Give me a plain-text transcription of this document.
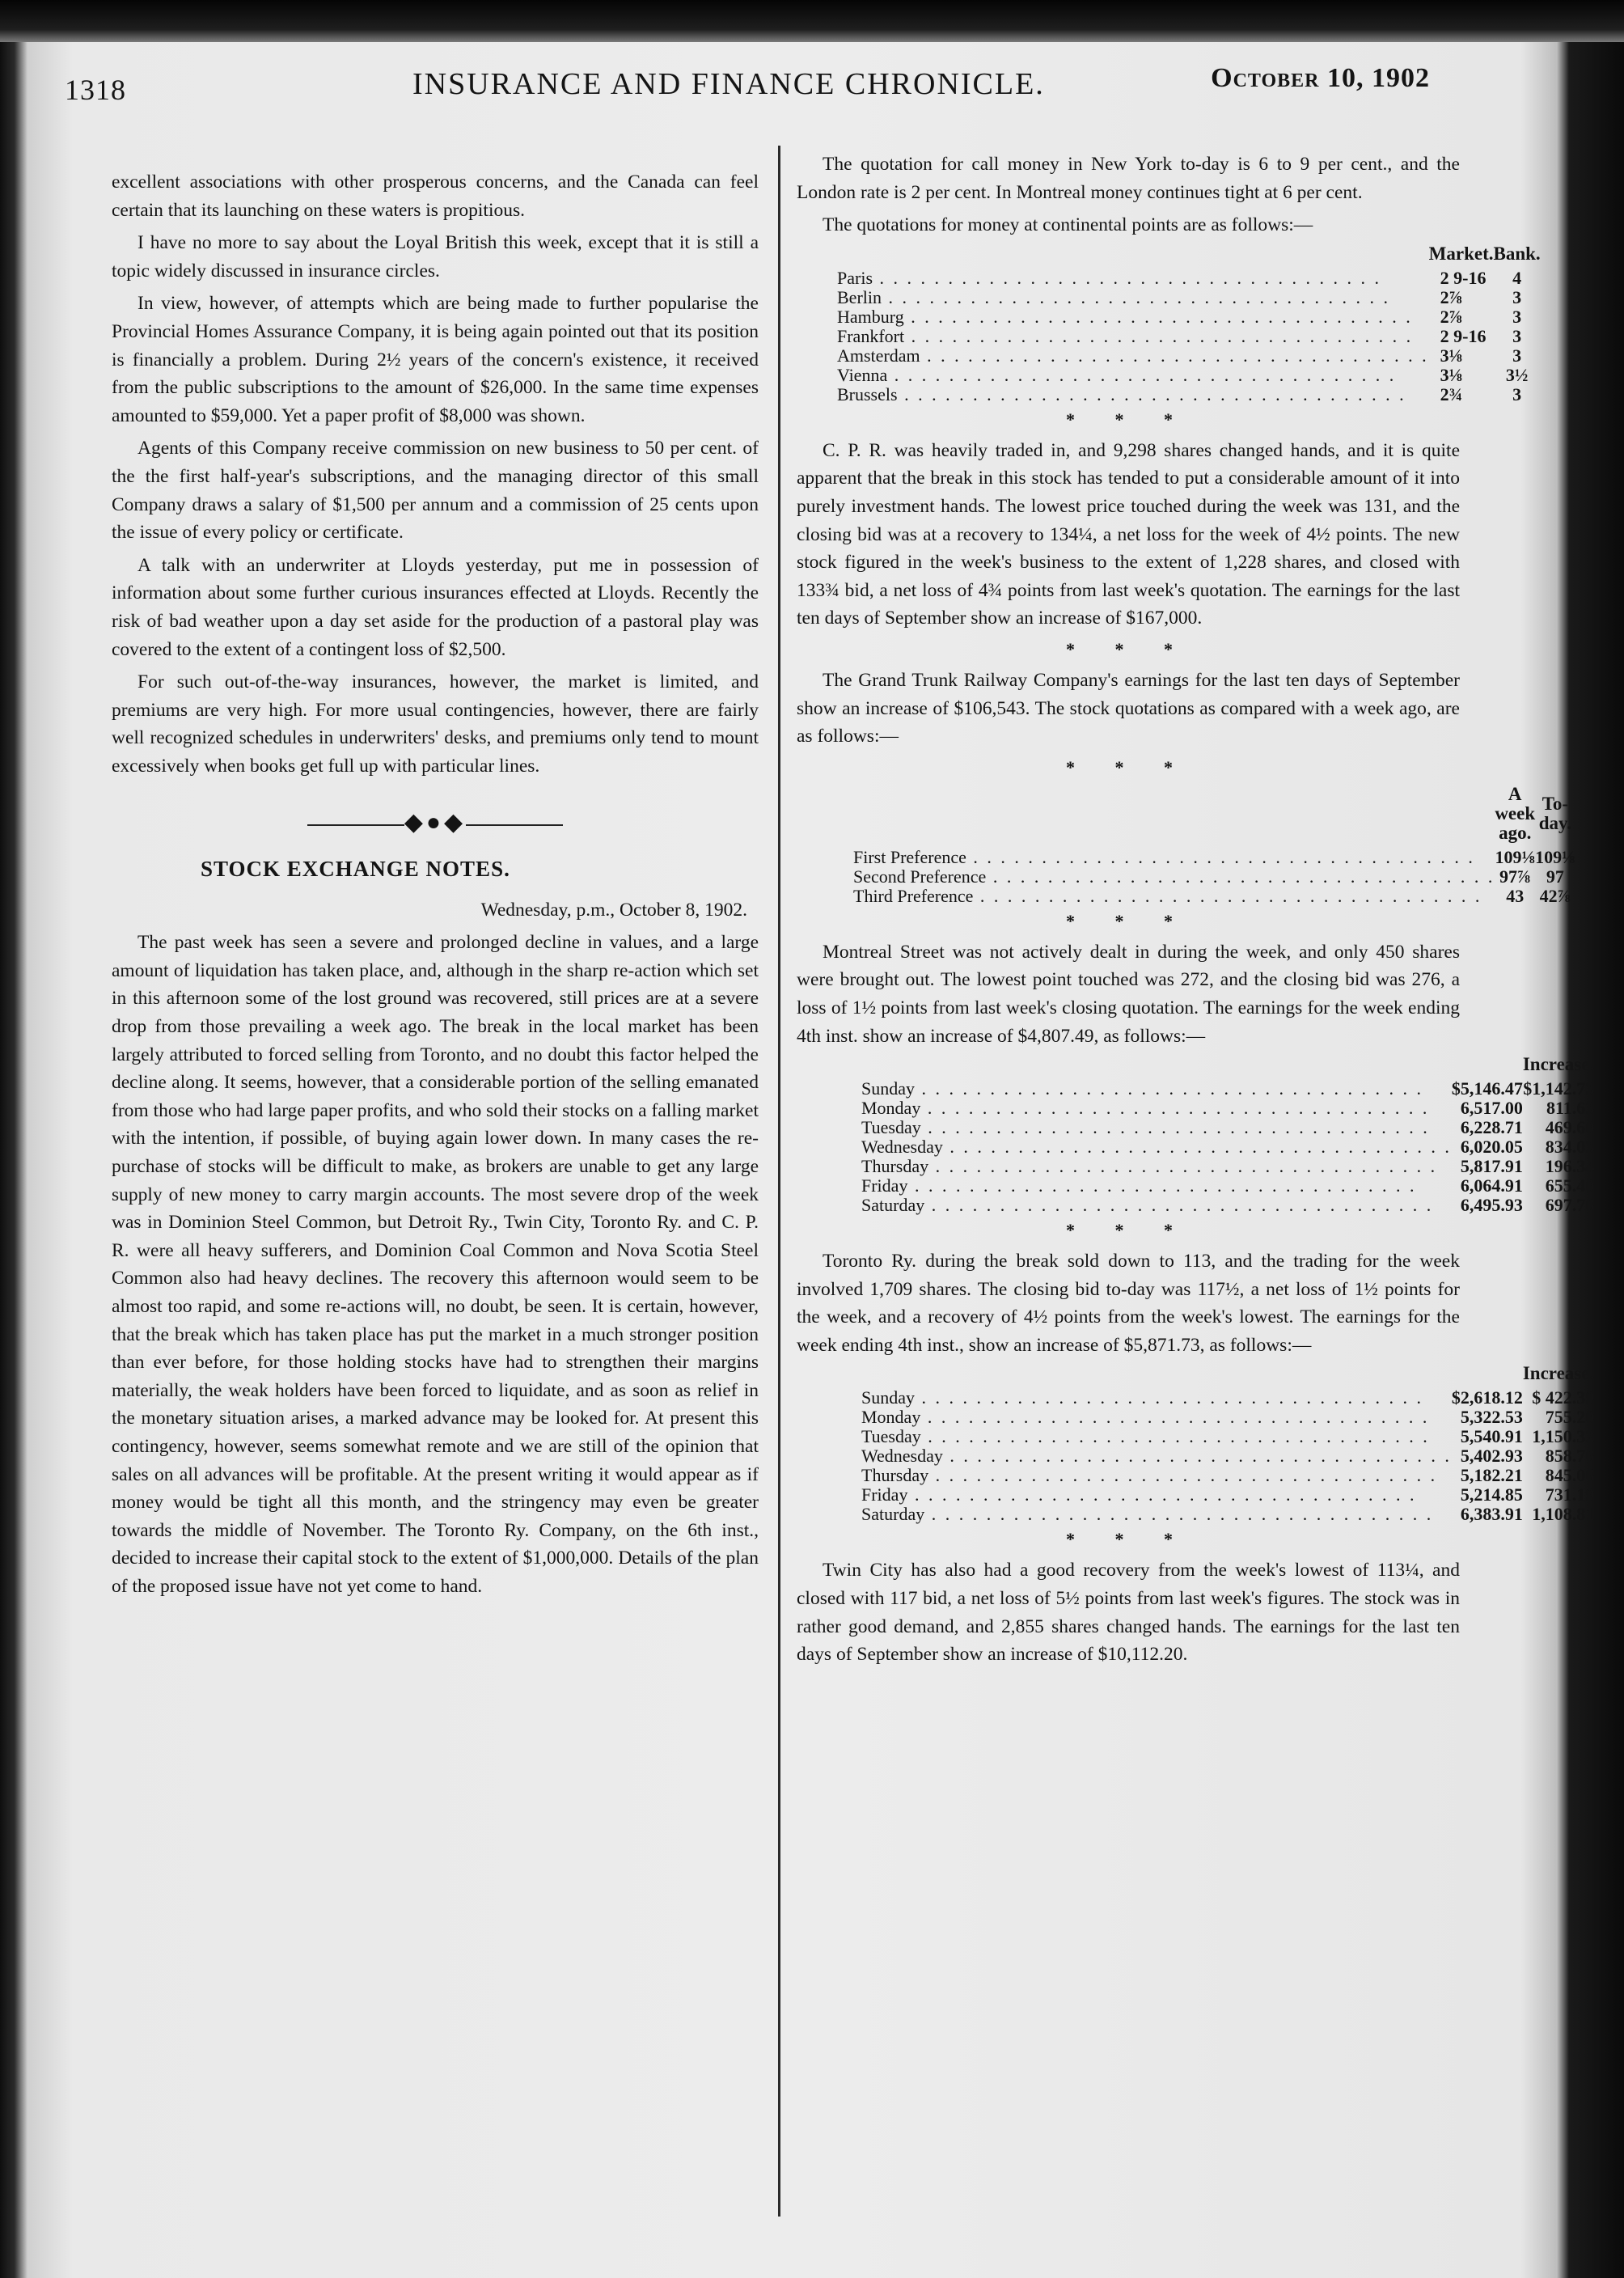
1318	INSURANCE AND FINANCE CHRONICLE.	October 10, 1902

excellent associations with other prosperous concerns, and the Canada can feel certain that its launching on these waters is propitious.

I have no more to say about the Loyal British this week, except that it is still a topic widely discussed in insurance circles.

In view, however, of attempts which are being made to further popularise the Provincial Homes Assurance Company, it is being again pointed out that its position is financially a problem. During 2½ years of the concern's existence, it received from the public subscriptions to the amount of $26,000. In the same time expenses amounted to $59,000. Yet a paper profit of $8,000 was shown.

Agents of this Company receive commission on new business to 50 per cent. of the the first half-year's subscriptions, and the managing director of this small Company draws a salary of $1,500 per annum and a commission of 25 cents upon the issue of every policy or certificate.

A talk with an underwriter at Lloyds yesterday, put me in possession of information about some further curious insurances effected at Lloyds. Recently the risk of bad weather upon a day set aside for the production of a pastoral play was covered to the extent of a contingent loss of $2,500.

For such out-of-the-way insurances, however, the market is limited, and premiums are very high. For more usual contingencies, however, there are fairly well recognized schedules in underwriters' desks, and premiums only tend to mount excessively when books get full up with particular lines.

◆●◆
STOCK EXCHANGE NOTES.
Wednesday, p.m., October 8, 1902.

The past week has seen a severe and prolonged decline in values, and a large amount of liquidation has taken place, and, although in the sharp re-action which set in this afternoon some of the lost ground was recovered, still prices are at a severe drop from those prevailing a week ago. The break in the local market has been largely attributed to forced selling from Toronto, and no doubt this factor helped the decline along. It seems, however, that a considerable portion of the selling emanated from those who had large paper profits, and who sold their stocks on a falling market with the intention, if possible, of buying again lower down. In many cases the re-purchase of stocks will be difficult to make, as brokers are unable to get any large supply of new money to carry margin accounts. The most severe drop of the week was in Dominion Steel Common, but Detroit Ry., Twin City, Toronto Ry. and C. P. R. were all heavy sufferers, and Dominion Coal Common and Nova Scotia Steel Common also had heavy declines. The recovery this afternoon would seem to be almost too rapid, and some re-actions will, no doubt, be seen. It is certain, however, that the break which has taken place has put the market in a much stronger position than ever before, for those holding stocks have had to strengthen their margins materially, the weak holders have been forced to liquidate, and as soon as relief in the monetary situation arises, a marked advance may be looked for. At present this contingency, however, seems somewhat remote and we are still of the opinion that sales on all advances will be profitable. At the present writing it would appear as if money would be tight all this month, and the stringency may even be greater towards the middle of November. The Toronto Ry. Company, on the 6th inst., decided to increase their capital stock to the extent of $1,000,000. Details of the plan of the proposed issue have not yet come to hand.

The quotation for call money in New York to-day is 6 to 9 per cent., and the London rate is 2 per cent. In Montreal money continues tight at 6 per cent.

The quotations for money at continental points are as follows:—

	Market.	Bank.
Paris . . . . . . . . . . . . . . . . . . . . . . . . . . . . . . . . . . . . .	2 9-16	4
Berlin . . . . . . . . . . . . . . . . . . . . . . . . . . . . . . . . . . . . .	2⅞	3
Hamburg . . . . . . . . . . . . . . . . . . . . . . . . . . . . . . . . . . . . .	2⅞	3
Frankfort . . . . . . . . . . . . . . . . . . . . . . . . . . . . . . . . . . . . .	2 9-16	3
Amsterdam . . . . . . . . . . . . . . . . . . . . . . . . . . . . . . . . . . . . .	3⅛	3
Vienna . . . . . . . . . . . . . . . . . . . . . . . . . . . . . . . . . . . . .	3⅛	3½
Brussels . . . . . . . . . . . . . . . . . . . . . . . . . . . . . . . . . . . . .	2¾	3
* * *

C. P. R. was heavily traded in, and 9,298 shares changed hands, and it is quite apparent that the break in this stock has tended to put a considerable amount of it into purely investment hands. The lowest price touched during the week was 131, and the closing bid was at a recovery to 134¼, a net loss for the week of 4½ points. The new stock figured in the week's business to the extent of 1,228 shares, and closed with 133¾ bid, a net loss of 4¾ points from last week's quotation. The earnings for the last ten days of September show an increase of $167,000.

* * *

The Grand Trunk Railway Company's earnings for the last ten days of September show an increase of $106,543. The stock quotations as compared with a week ago, are as follows:—

* * *
	A week ago.	To-day.
First Preference . . . . . . . . . . . . . . . . . . . . . . . . . . . . . . . . . . . . .	109⅛	109⅛
Second Preference . . . . . . . . . . . . . . . . . . . . . . . . . . . . . . . . . . . . .	97⅞	97
Third Preference . . . . . . . . . . . . . . . . . . . . . . . . . . . . . . . . . . . . .	43	42⅞
* * *

Montreal Street was not actively dealt in during the week, and only 450 shares were brought out. The lowest point touched was 272, and the closing bid was 276, a loss of 1½ points from last week's closing quotation. The earnings for the week ending 4th inst. show an increase of $4,807.49, as follows:—

		Increase.
Sunday . . . . . . . . . . . . . . . . . . . . . . . . . . . . . . . . . . . . .	$5,146.47	$1,142.73
Monday . . . . . . . . . . . . . . . . . . . . . . . . . . . . . . . . . . . . .	6,517.00	811.63
Tuesday . . . . . . . . . . . . . . . . . . . . . . . . . . . . . . . . . . . . .	6,228.71	469.60
Wednesday . . . . . . . . . . . . . . . . . . . . . . . . . . . . . . . . . . . . .	6,020.05	834.03
Thursday . . . . . . . . . . . . . . . . . . . . . . . . . . . . . . . . . . . . .	5,817.91	196.34
Friday . . . . . . . . . . . . . . . . . . . . . . . . . . . . . . . . . . . . .	6,064.91	655.40
Saturday . . . . . . . . . . . . . . . . . . . . . . . . . . . . . . . . . . . . .	6,495.93	697.76
* * *

Toronto Ry. during the break sold down to 113, and the trading for the week involved 1,709 shares. The closing bid to-day was 117½, a net loss of 1½ points for the week, and a recovery of 4½ points from the week's lowest. The earnings for the week ending 4th inst., show an increase of $5,871.73, as follows:—

		Increase.
Sunday . . . . . . . . . . . . . . . . . . . . . . . . . . . . . . . . . . . . .	$2,618.12	$ 422.39
Monday . . . . . . . . . . . . . . . . . . . . . . . . . . . . . . . . . . . . .	5,322.53	755.20
Tuesday . . . . . . . . . . . . . . . . . . . . . . . . . . . . . . . . . . . . .	5,540.91	1,150.32
Wednesday . . . . . . . . . . . . . . . . . . . . . . . . . . . . . . . . . . . . .	5,402.93	858.76
Thursday . . . . . . . . . . . . . . . . . . . . . . . . . . . . . . . . . . . . .	5,182.21	845.06
Friday . . . . . . . . . . . . . . . . . . . . . . . . . . . . . . . . . . . . .	5,214.85	731.19
Saturday . . . . . . . . . . . . . . . . . . . . . . . . . . . . . . . . . . . . .	6,383.91	1,108.81
* * *

Twin City has also had a good recovery from the week's lowest of 113¼, and closed with 117 bid, a net loss of 5½ points from last week's figures. The stock was in rather good demand, and 2,855 shares changed hands. The earnings for the last ten days of September show an increase of $10,112.20.
